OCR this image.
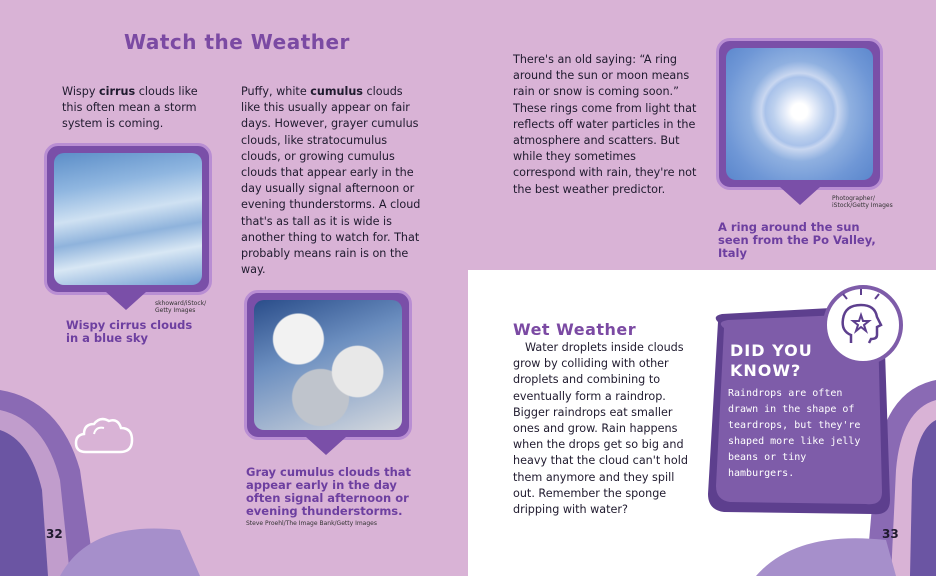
Watch the Weather

Wispy cirrus clouds like this often mean a storm system is coming.

Puffy, white cumulus clouds like this usually appear on fair days. However, grayer cumulus clouds, like stratocumulus clouds, or growing cumulus clouds that appear early in the day usually signal afternoon or evening thunderstorms. A cloud that's as tall as it is wide is another thing to watch for. That probably means rain is on the way.

skhoward/iStock/ Getty Images
Wispy cirrus clouds in a blue sky
Gray cumulus clouds that appear early in the day often signal afternoon or evening thunderstorms.
Steve Proehl/The Image Bank/Getty Images
32

There's an old saying: “A ring around the sun or moon means rain or snow is coming soon.” These rings come from light that reflects off water particles in the atmosphere and scatters. But while they sometimes correspond with rain, they're not the best weather predictor.

Photographer/ iStock/Getty Images
A ring around the sun seen from the Po Valley, Italy
Wet Weather

Water droplets inside clouds grow by colliding with other droplets and combining to eventually form a raindrop. Bigger raindrops eat smaller ones and grow. Rain happens when the drops get so big and heavy that the cloud can't hold them anymore and they spill out. Remember the sponge dripping with water?

DID YOU KNOW?
Raindrops are often drawn in the shape of teardrops, but they're shaped more like jelly beans or tiny hamburgers.
33
